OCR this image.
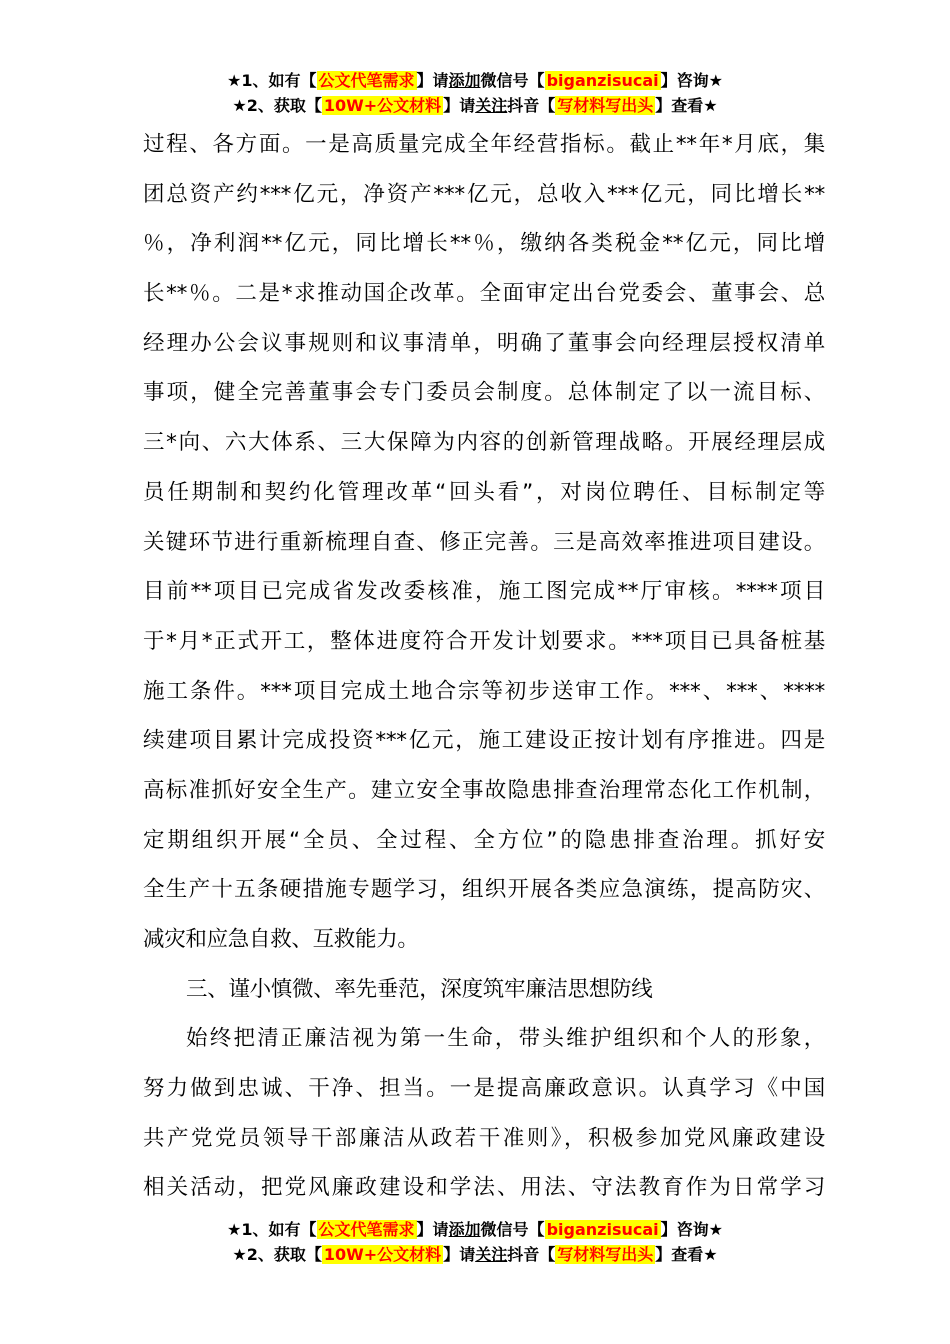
★1、如有【 公文代笔需求 】请添加微信号【 biganzisucai 】咨询★
★2、获取【 10W+公文材料 】请关注抖音【 写材料写出头 】查看★
过程、各方面。一是高质量完成全年经营指标。截止**年*月底，集
团总资产约***亿元，净资产***亿元，总收入***亿元，同比增长**
％，净利润**亿元，同比增长**％，缴纳各类税金**亿元，同比增
长**％。二是*求推动国企改革。全面审定出台党委会、董事会、总
经理办公会议事规则和议事清单，明确了董事会向经理层授权清单
事项，健全完善董事会专门委员会制度。总体制定了以一流目标、
三*向、六大体系、三大保障为内容的创新管理战略。开展经理层成
员任期制和契约化管理改革“回头看”，对岗位聘任、目标制定等
关键环节进行重新梳理自查、修正完善。三是高效率推进项目建设。
目前**项目已完成省发改委核准，施工图完成**厅审核。****项目
于*月*正式开工，整体进度符合开发计划要求。***项目已具备桩基
施工条件。***项目完成土地合宗等初步送审工作。***、***、****
续建项目累计完成投资***亿元，施工建设正按计划有序推进。四是
高标准抓好安全生产。建立安全事故隐患排查治理常态化工作机制，
定期组织开展“全员、全过程、全方位”的隐患排查治理。抓好安
全生产十五条硬措施专题学习，组织开展各类应急演练，提高防灾、
减灾和应急自救、互救能力。
三、谨小慎微、率先垂范，深度筑牢廉洁思想防线
始终把清正廉洁视为第一生命，带头维护组织和个人的形象，
努力做到忠诚、干净、担当。一是提高廉政意识。认真学习《中国
共产党党员领导干部廉洁从政若干准则》，积极参加党风廉政建设
相关活动，把党风廉政建设和学法、用法、守法教育作为日常学习
★1、如有【 公文代笔需求 】请添加微信号【 biganzisucai 】咨询★
★2、获取【 10W+公文材料 】请关注抖音【 写材料写出头 】查看★
